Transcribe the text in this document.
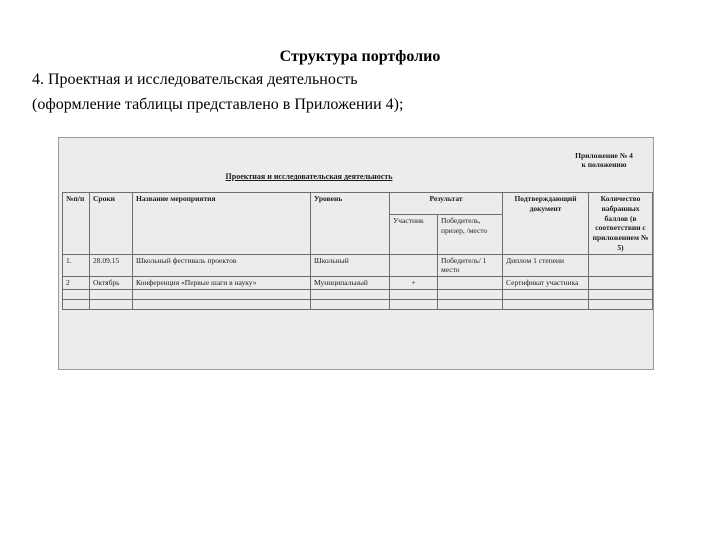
Структура портфолио
4. Проектная и исследовательская деятельность
(оформление таблицы представлено в Приложении 4);
Приложение № 4
к положению
Проектная и исследовательская деятельность
№п/п	Сроки	Название мероприятия	Уровень	Результат		Подтверждающий документ	Количество набранных баллов (в соответствии с приложением № 5)
				Участник	Победитель, призер, /место		
1.	28.09.15	Школьный фестиваль проектов	Школьный		Победитель/ 1 место	Диплом 1 степени	
2	Октябрь	Конференция «Первые шаги в науку»	Муниципальный	+		Сертификат участника	
